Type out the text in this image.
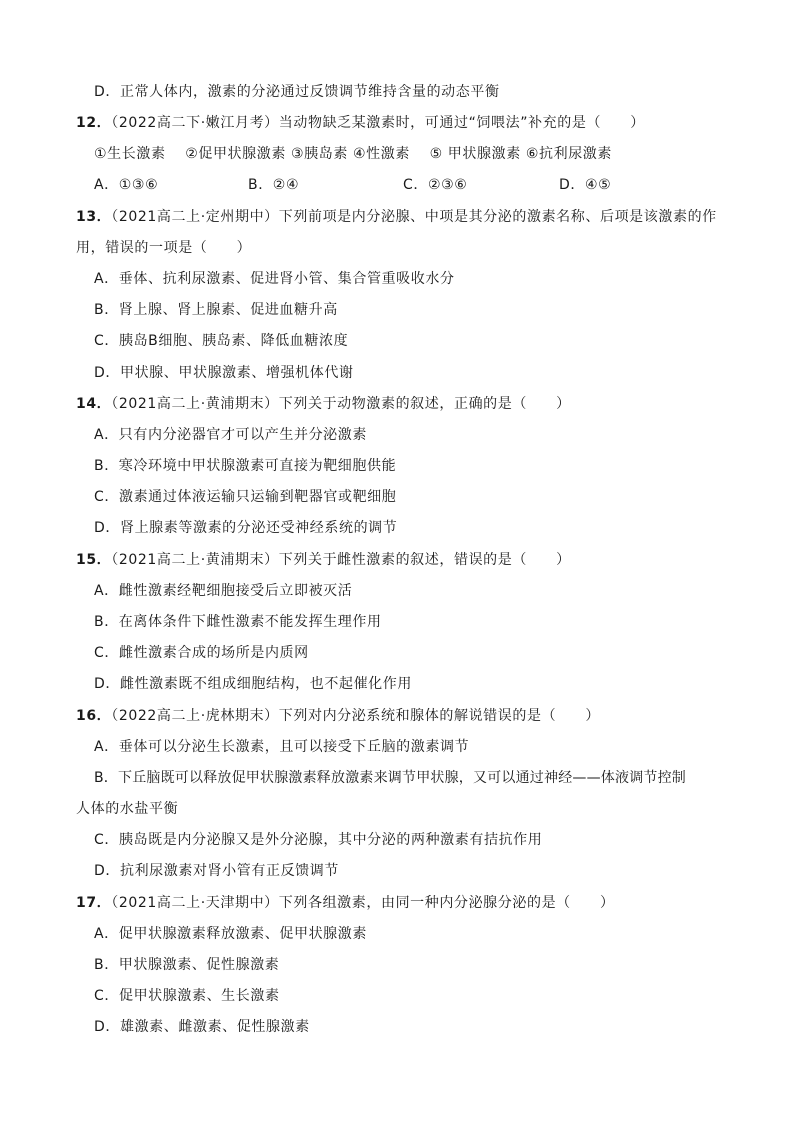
D．正常人体内，激素的分泌通过反馈调节维持含量的动态平衡
12．（2022高二下·嫩江月考）当动物缺乏某激素时，可通过“饲喂法”补充的是（　　）
①生长激素　 ②促甲状腺激素 ③胰岛素 ④性激素　 ⑤ 甲状腺激素 ⑥抗利尿激素
A．①③⑥	B．②④	C．②③⑥	D．④⑤
13．（2021高二上·定州期中）下列前项是内分泌腺、中项是其分泌的激素名称、后项是该激素的作
用，错误的一项是（　　）
A．垂体、抗利尿激素、促进肾小管、集合管重吸收水分
B．肾上腺、肾上腺素、促进血糖升高
C．胰岛B细胞、胰岛素、降低血糖浓度
D．甲状腺、甲状腺激素、增强机体代谢
14．（2021高二上·黄浦期末）下列关于动物激素的叙述，正确的是（　　）
A．只有内分泌器官才可以产生并分泌激素
B．寒冷环境中甲状腺激素可直接为靶细胞供能
C．激素通过体液运输只运输到靶器官或靶细胞
D．肾上腺素等激素的分泌还受神经系统的调节
15．（2021高二上·黄浦期末）下列关于雌性激素的叙述，错误的是（　　）
A．雌性激素经靶细胞接受后立即被灭活
B．在离体条件下雌性激素不能发挥生理作用
C．雌性激素合成的场所是内质网
D．雌性激素既不组成细胞结构，也不起催化作用
16．（2022高二上·虎林期末）下列对内分泌系统和腺体的解说错误的是（　　）
A．垂体可以分泌生长激素，且可以接受下丘脑的激素调节
B．下丘脑既可以释放促甲状腺激素释放激素来调节甲状腺，又可以通过神经——体液调节控制
人体的水盐平衡
C．胰岛既是内分泌腺又是外分泌腺，其中分泌的两种激素有拮抗作用
D．抗利尿激素对肾小管有正反馈调节
17．（2021高二上·天津期中）下列各组激素，由同一种内分泌腺分泌的是（　　）
A．促甲状腺激素释放激素、促甲状腺激素
B．甲状腺激素、促性腺激素
C．促甲状腺激素、生长激素
D．雄激素、雌激素、促性腺激素
